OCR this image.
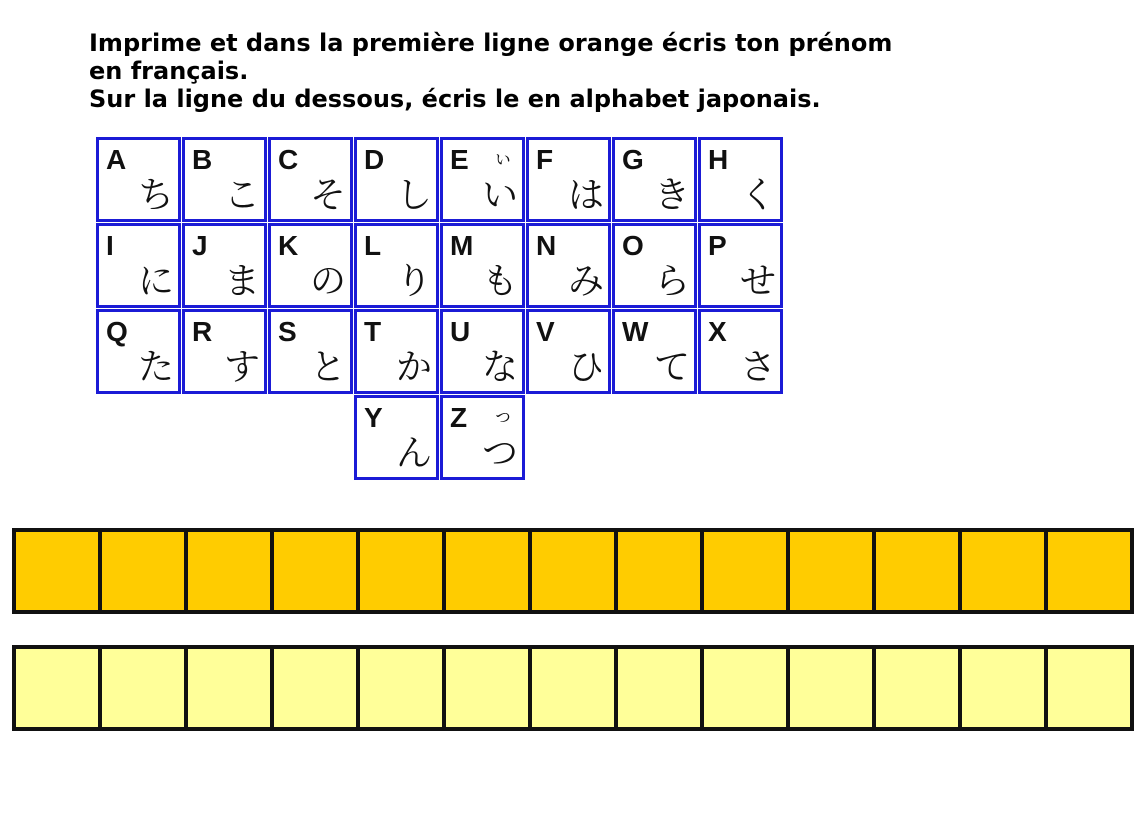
Imprime et dans la première ligne orange écris ton prénom

en français.

Sur la ligne du dessous, écris le en alphabet japonais.

A
ち
B
こ
C
そ
D
し
E ぃ
い
F
は
G
き
H
く
I
に
J
ま
K
の
L
り
M
も
N
み
O
ら
P
せ
Q
た
R
す
S
と
T
か
U
な
V
ひ
W
て
X
さ
Y
ん
Z っ
つ
